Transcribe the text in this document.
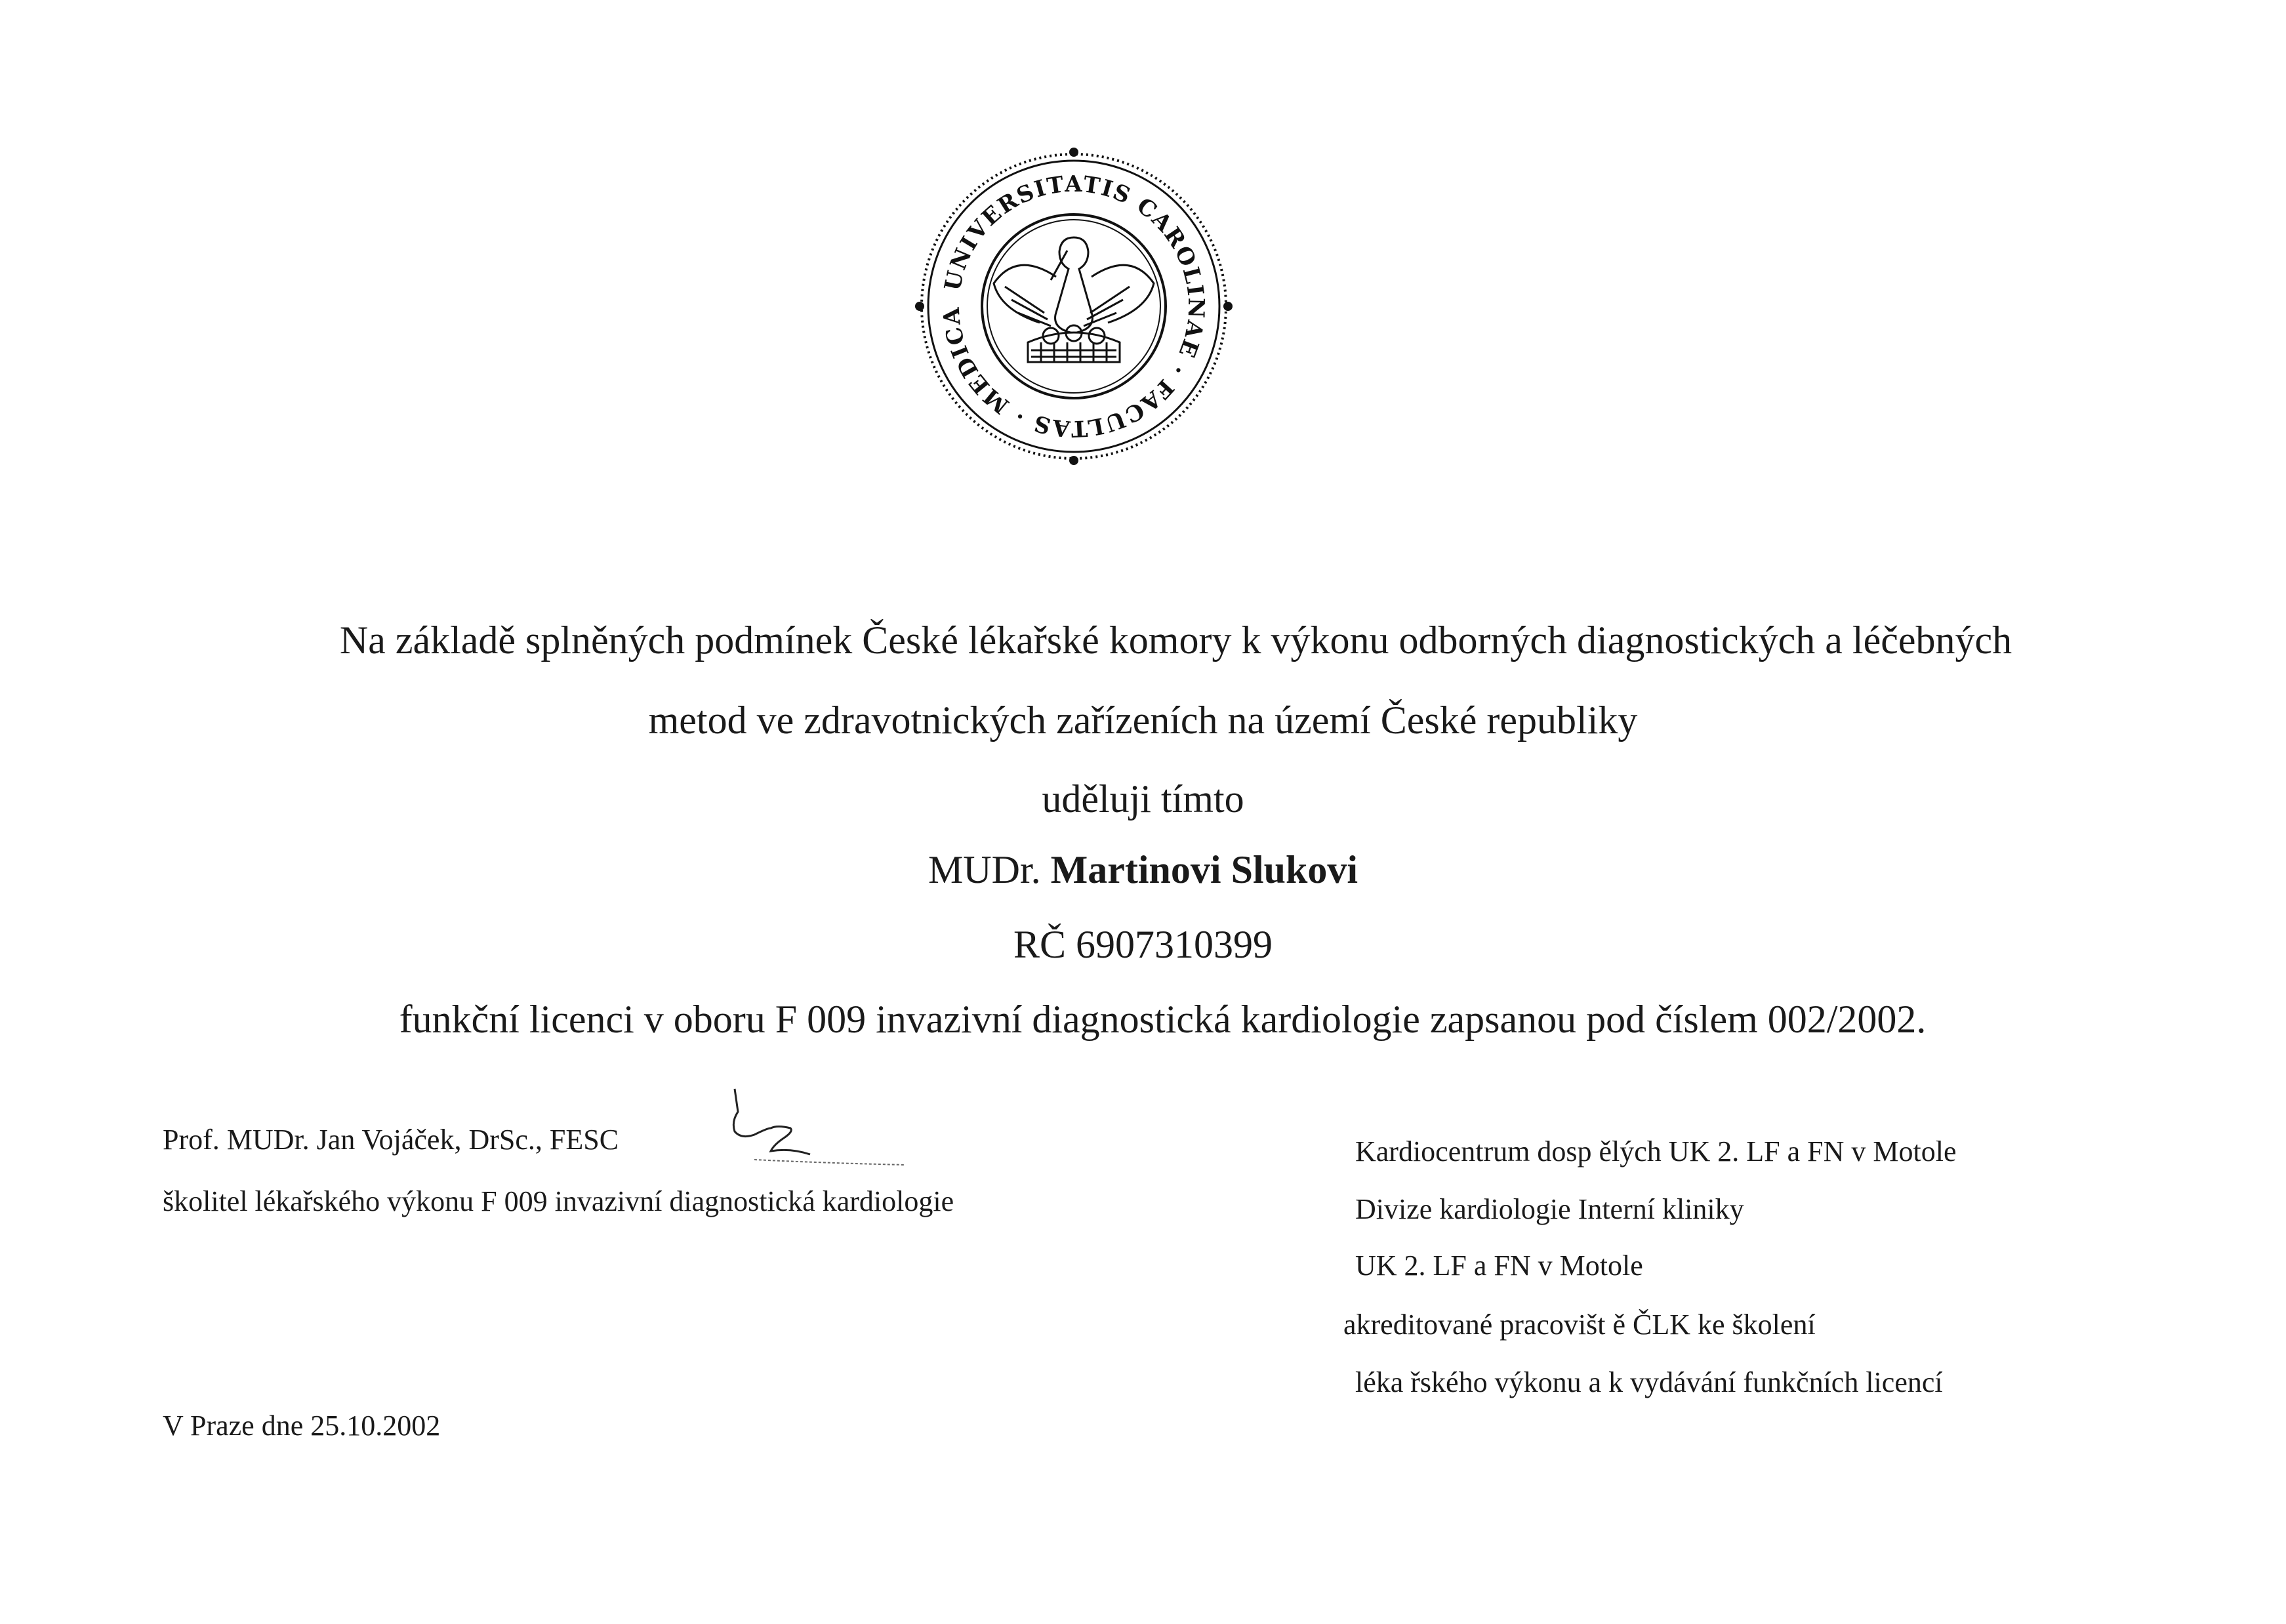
UNIVERSITATIS CAROLINAE · FACULTAS · MEDICA
Na základě splněných podmínek České lékařské komory k výkonu odborných diagnostických a léčebných
metod ve zdravotnických zařízeních na území České republiky
uděluji tímto
MUDr. Martinovi Slukovi
RČ 6907310399
funkční licenci v oboru F 009 invazivní diagnostická kardiologie zapsanou pod číslem 002/2002.
Prof. MUDr. Jan Vojáček, DrSc., FESC
školitel lékařského výkonu F 009 invazivní diagnostická kardiologie
V Praze dne 25.10.2002
Kardiocentrum dosp ělých UK 2. LF a FN v Motole
Divize kardiologie Interní kliniky
UK 2. LF a FN v Motole
akreditované pracovišt ě ČLK ke školení
léka řského výkonu a k vydávání funkčních licencí
